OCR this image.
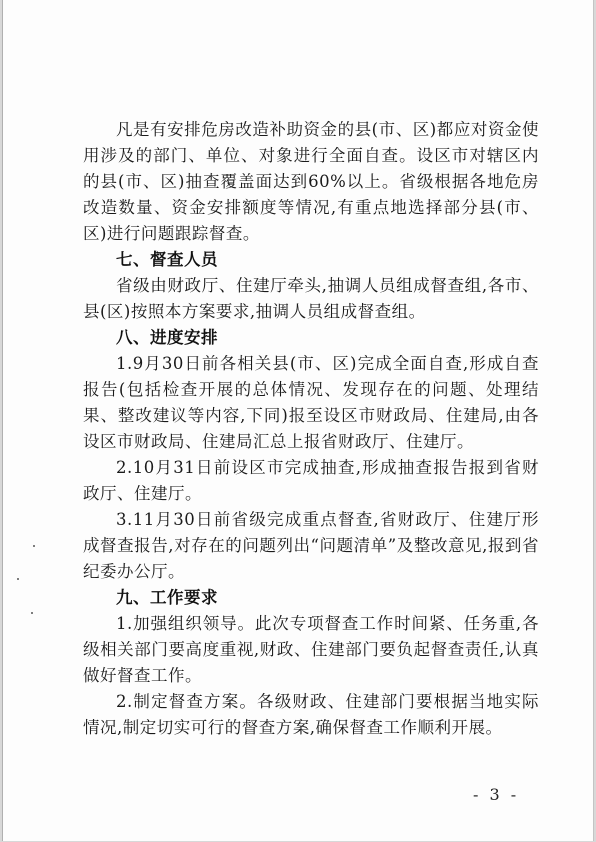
凡是有安排危房改造补助资金的县(市、区)都应对资金使用涉及的部门、单位、对象进行全面自查。设区市对辖区内的县(市、区)抽查覆盖面达到60%以上。省级根据各地危房改造数量、资金安排额度等情况,有重点地选择部分县(市、区)进行问题跟踪督查。

七、督查人员

省级由财政厅、住建厅牵头,抽调人员组成督查组,各市、县(区)按照本方案要求,抽调人员组成督查组。

八、进度安排

1.9月30日前各相关县(市、区)完成全面自查,形成自查报告(包括检查开展的总体情况、发现存在的问题、处理结果、整改建议等内容,下同)报至设区市财政局、住建局,由各设区市财政局、住建局汇总上报省财政厅、住建厅。

2.10月31日前设区市完成抽查,形成抽查报告报到省财政厅、住建厅。

3.11月30日前省级完成重点督查,省财政厅、住建厅形成督查报告,对存在的问题列出“问题清单”及整改意见,报到省纪委办公厅。

九、工作要求

1.加强组织领导。此次专项督查工作时间紧、任务重,各级相关部门要高度重视,财政、住建部门要负起督查责任,认真做好督查工作。

2.制定督查方案。各级财政、住建部门要根据当地实际情况,制定切实可行的督查方案,确保督查工作顺利开展。

- 3 -
